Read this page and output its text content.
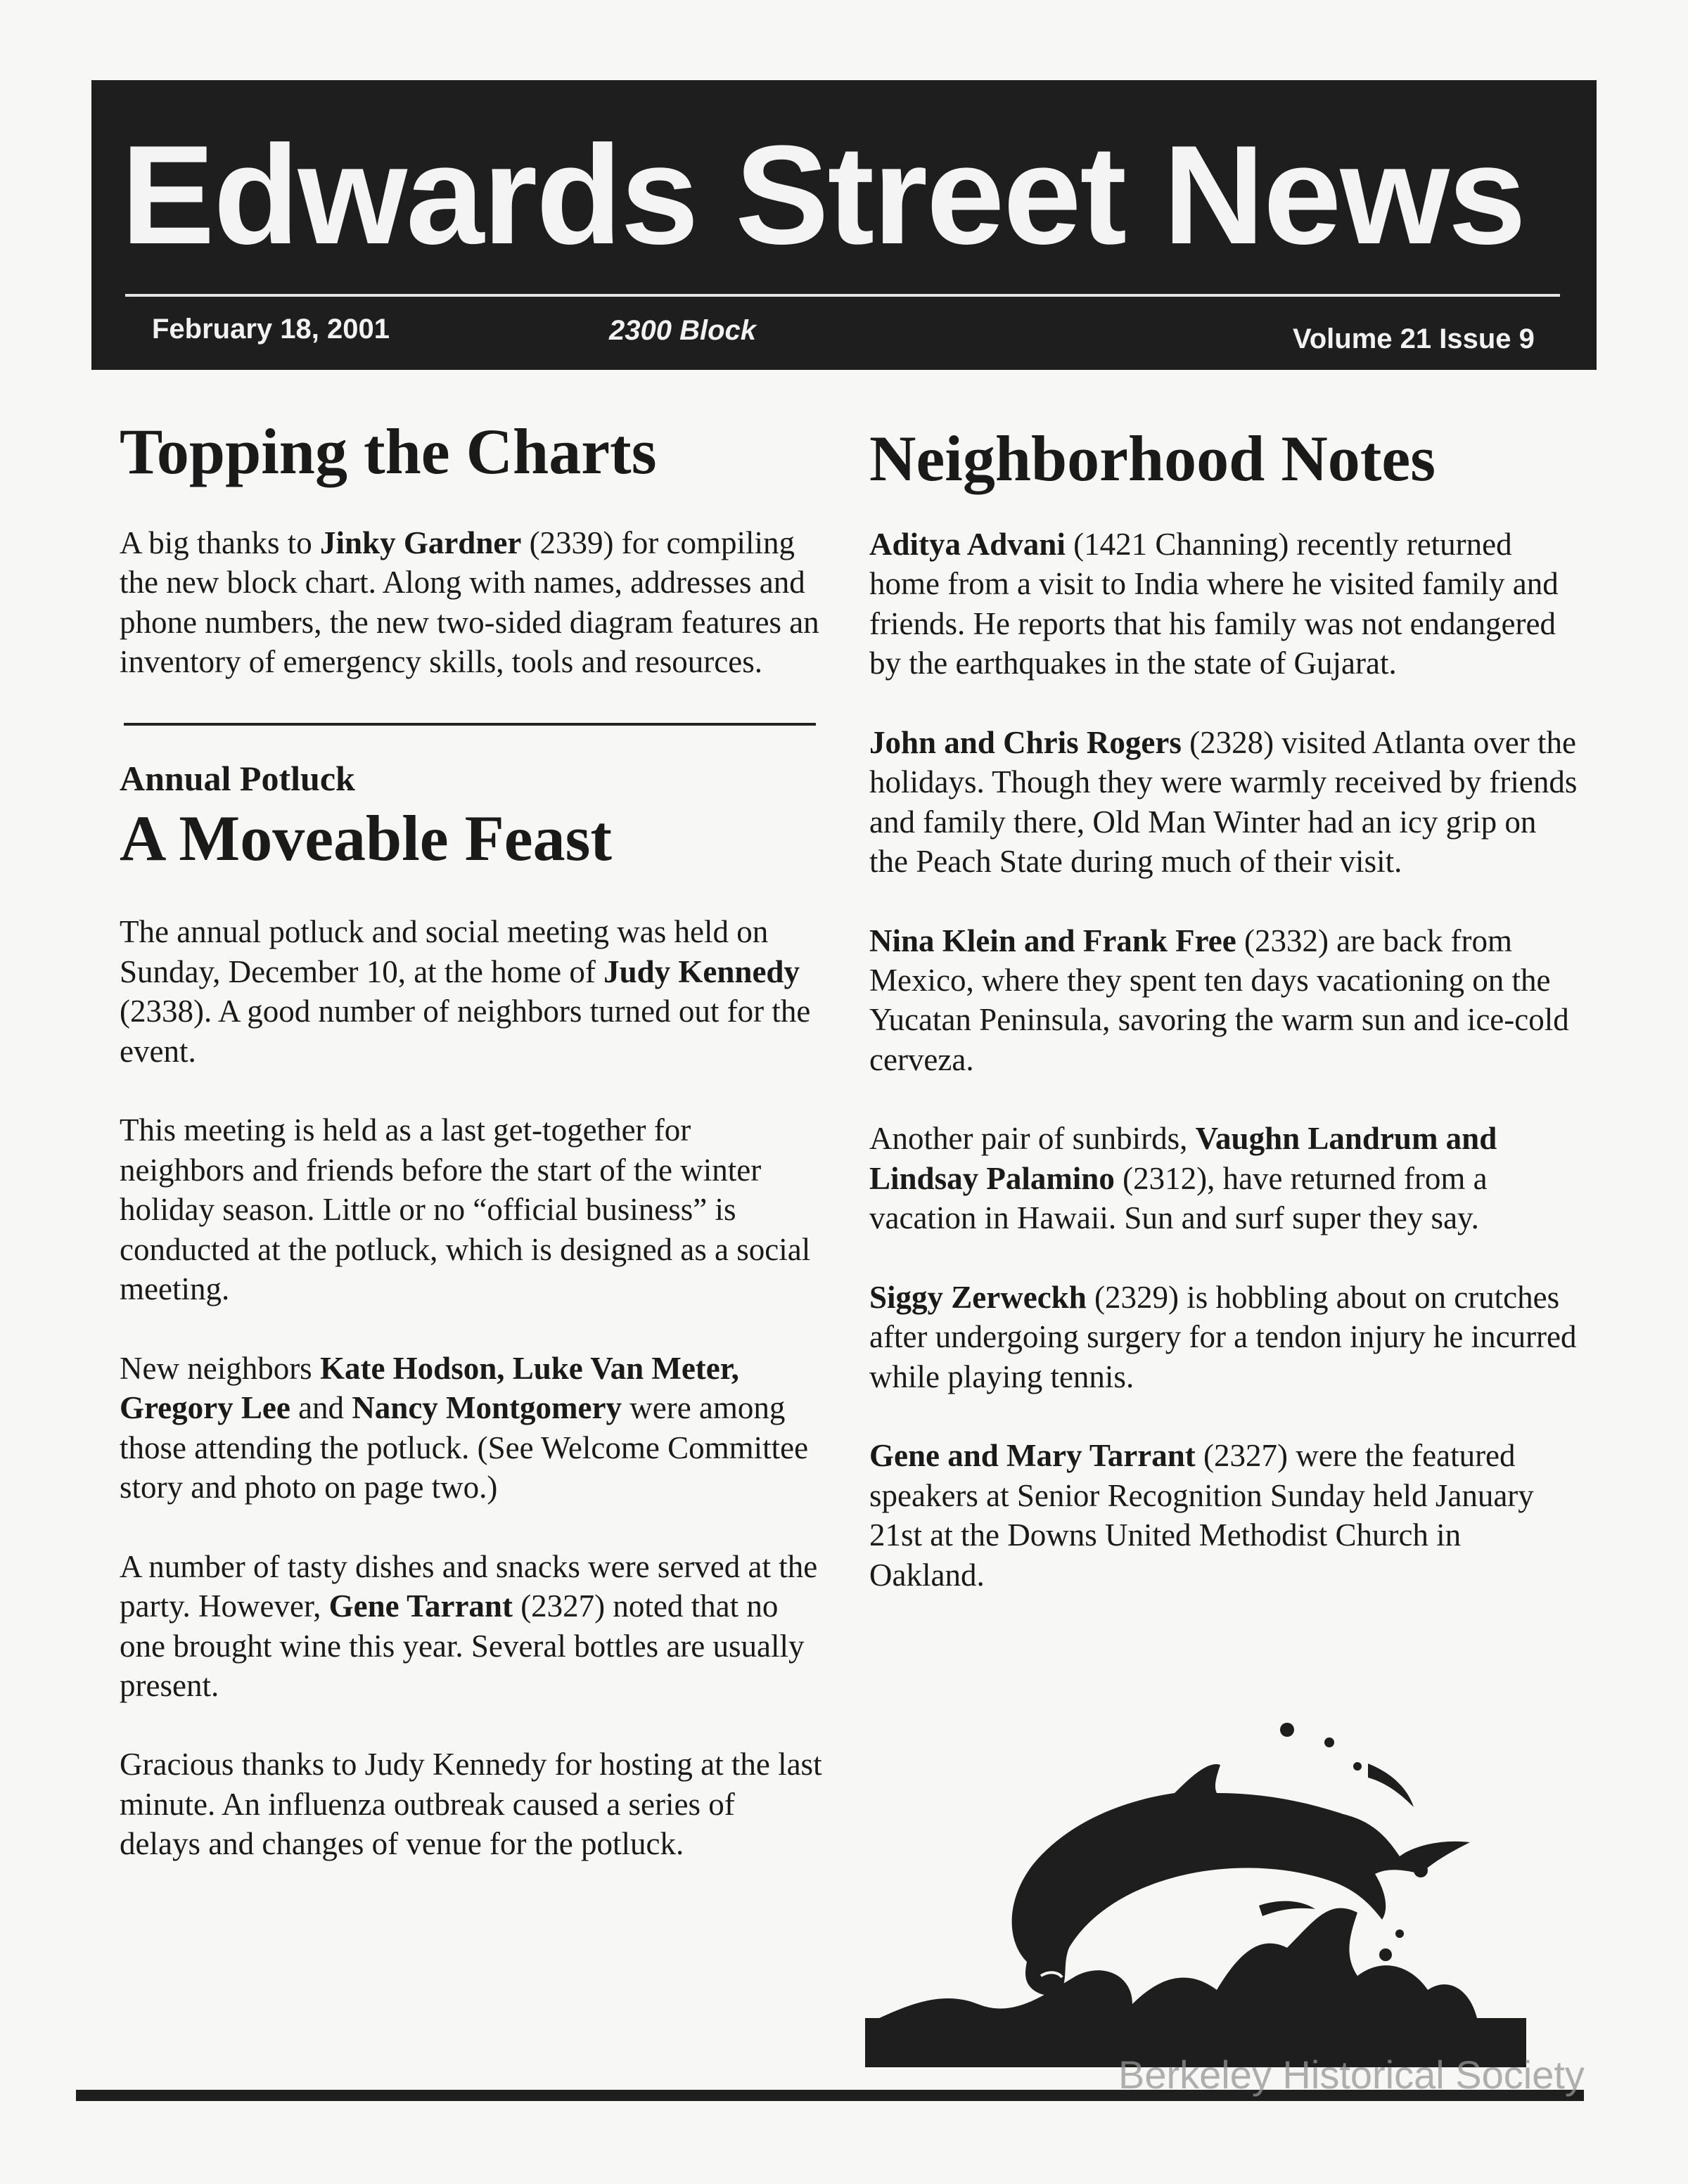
Edwards Street News
February 18, 2001	2300 Block	Volume 21 Issue 9
Topping the Charts

A big thanks to Jinky Gardner (2339) for compiling the new block chart. Along with names, addresses and phone numbers, the new two-sided diagram features an inventory of emergency skills, tools and resources.

Annual Potluck

A Moveable Feast

The annual potluck and social meeting was held on Sunday, December 10, at the home of Judy Kennedy (2338). A good number of neighbors turned out for the event.

This meeting is held as a last get-together for neighbors and friends before the start of the winter holiday season. Little or no “official business” is conducted at the potluck, which is designed as a social meeting.

New neighbors Kate Hodson, Luke Van Meter, Gregory Lee and Nancy Montgomery were among those attending the potluck. (See Welcome Committee story and photo on page two.)

A number of tasty dishes and snacks were served at the party. However, Gene Tarrant (2327) noted that no one brought wine this year. Several bottles are usually present.

Gracious thanks to Judy Kennedy for hosting at the last minute. An influenza outbreak caused a series of delays and changes of venue for the potluck.

Neighborhood Notes

Aditya Advani (1421 Channing) recently returned home from a visit to India where he visited family and friends. He reports that his family was not endangered by the earthquakes in the state of Gujarat.

John and Chris Rogers (2328) visited Atlanta over the holidays. Though they were warmly received by friends and family there, Old Man Winter had an icy grip on the Peach State during much of their visit.

Nina Klein and Frank Free (2332) are back from Mexico, where they spent ten days vacationing on the Yucatan Peninsula, savoring the warm sun and ice-cold cerveza.

Another pair of sunbirds, Vaughn Landrum and Lindsay Palamino (2312), have returned from a vacation in Hawaii. Sun and surf super they say.

Siggy Zerweckh (2329) is hobbling about on crutches after undergoing surgery for a tendon injury he incurred while playing tennis.

Gene and Mary Tarrant (2327) were the featured speakers at Senior Recognition Sunday held January 21st at the Downs United Methodist Church in Oakland.

Berkeley Historical Society
